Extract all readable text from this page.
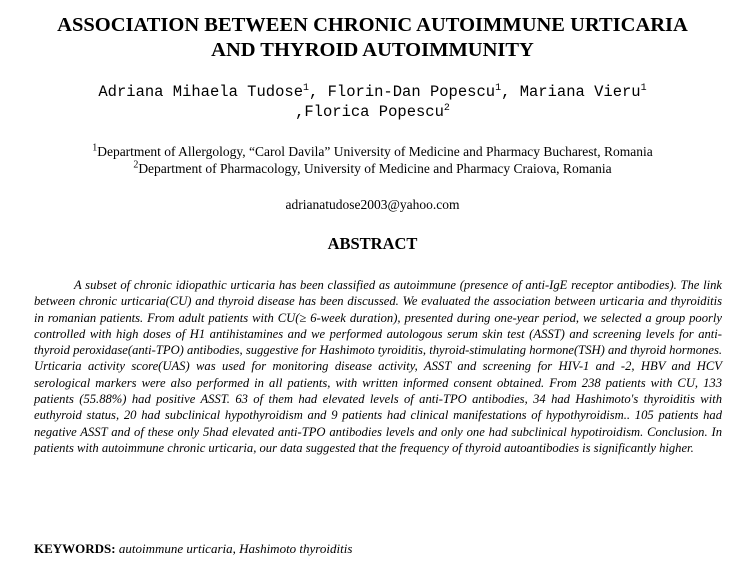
ASSOCIATION BETWEEN CHRONIC AUTOIMMUNE URTICARIA
AND THYROID AUTOIMMUNITY
Adriana Mihaela Tudose$^1$, Florin-Dan Popescu$^1$, Mariana Vieru$^1$
,Florica Popescu$^2$
$^1$Department of Allergology, “Carol Davila” University of Medicine and Pharmacy Bucharest, Romania
$^2$Department of Pharmacology, University of Medicine and Pharmacy Craiova, Romania
adrianatudose2003@yahoo.com
ABSTRACT

A subset of chronic idiopathic urticaria has been classified as autoimmune (presence of anti-IgE receptor antibodies). The link between chronic urticaria(CU) and thyroid disease has been discussed. We evaluated the association between urticaria and thyroiditis in romanian patients. From adult patients with CU(≥ 6-week duration), presented during one-year period, we selected a group poorly controlled with high doses of H1 antihistamines and we performed autologous serum skin test (ASST) and screening levels for anti-thyroid peroxidase(anti-TPO) antibodies, suggestive for Hashimoto tyroiditis, thyroid-stimulating hormone(TSH) and thyroid hormones. Urticaria activity score(UAS) was used for monitoring disease activity, ASST and screening for HIV-1 and -2, HBV and HCV serological markers were also performed in all patients, with written informed consent obtained. From 238 patients with CU, 133 patients (55.88%) had positive ASST. 63 of them had elevated levels of anti-TPO antibodies, 34 had Hashimoto's thyroiditis with euthyroid status, 20 had subclinical hypothyroidism and 9 patients had clinical manifestations of hypothyroidism.. 105 patients had negative ASST and of these only 5had elevated anti-TPO antibodies levels and only one had subclinical hypotiroidism. Conclusion. In patients with autoimmune chronic urticaria, our data suggested that the frequency of thyroid autoantibodies is significantly higher.

KEYWORDS: autoimmune urticaria, Hashimoto thyroiditis
